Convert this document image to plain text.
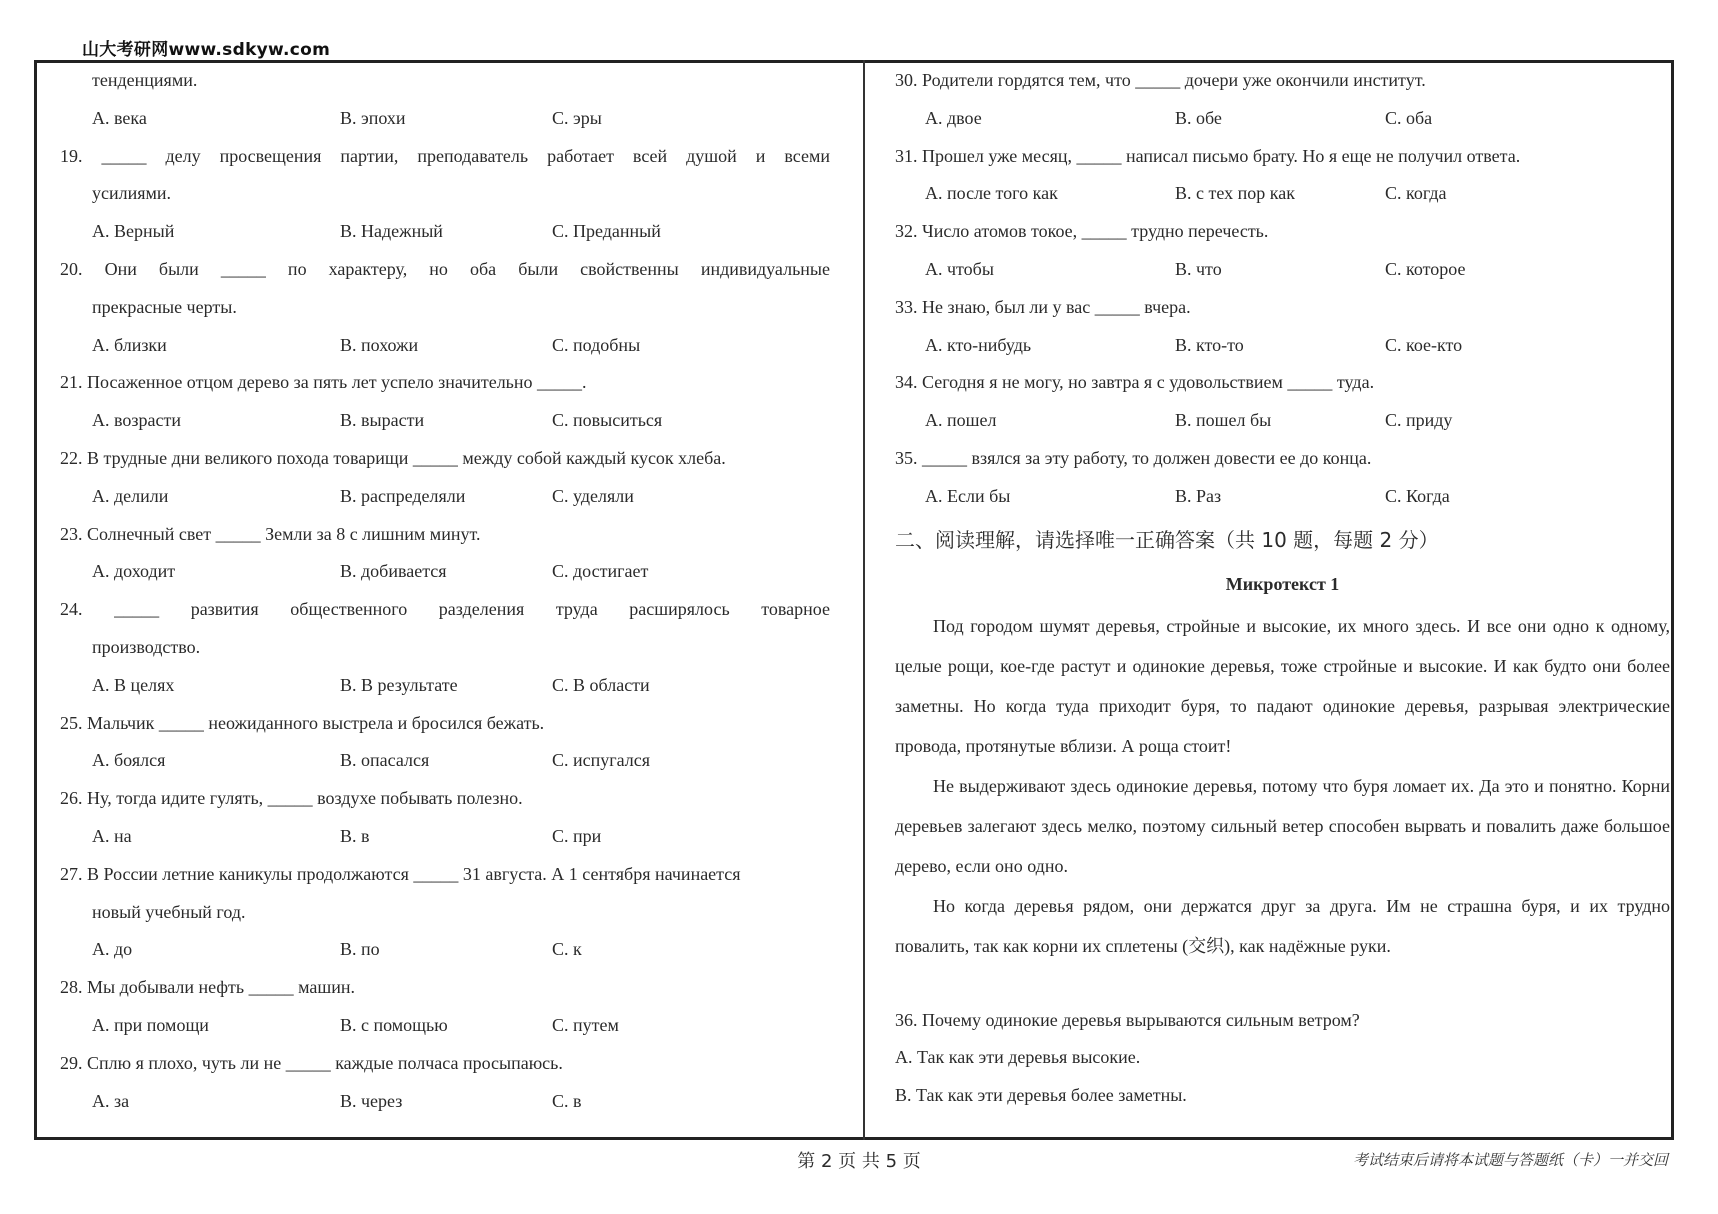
山大考研网www.sdkyw.com
тенденциями.
A. века	B. эпохи	C. эры
19. _____ делу просвещения партии, преподаватель работает всей душой и всеми
усилиями.
A. Верный	B. Надежный	C. Преданный
20. Они были _____ по характеру, но оба были свойственны индивидуальные
прекрасные черты.
A. близки	B. похожи	C. подобны
21. Посаженное отцом дерево за пять лет успело значительно _____.
A. возрасти	B. вырасти	C. повыситься
22. В трудные дни великого похода товарищи _____ между собой каждый кусок хлеба.
A. делили	B. распределяли	C. уделяли
23. Солнечный свет _____ Земли за 8 с лишним минут.
A. доходит	B. добивается	C. достигает
24. _____ развития общественного разделения труда расширялось товарное
производство.
A. В целях	B. В результате	C. В области
25. Мальчик _____ неожиданного выстрела и бросился бежать.
A. боялся	B. опасался	C. испугался
26. Ну, тогда идите гулять, _____ воздухе побывать полезно.
A. на	B. в	C. при
27. В России летние каникулы продолжаются _____ 31 августа. А 1 сентября начинается
новый учебный год.
A. до	B. по	C. к
28. Мы добывали нефть _____ машин.
A. при помощи	B. с помощью	C. путем
29. Сплю я плохо, чуть ли не _____ каждые полчаса просыпаюсь.
A. за	B. через	C. в
30. Родители гордятся тем, что _____ дочери уже окончили институт.
A. двое	B. обе	C. оба
31. Прошел уже месяц, _____ написал письмо брату. Но я еще не получил ответа.
A. после того как	B. с тех пор как	C. когда
32. Число атомов токое, _____ трудно перечесть.
A. чтобы	B. что	C. которое
33. Не знаю, был ли у вас _____ вчера.
A. кто-нибудь	B. кто-то	C. кое-кто
34. Сегодня я не могу, но завтра я с удовольствием _____ туда.
A. пошел	B. пошел бы	C. приду
35. _____ взялся за эту работу, то должен довести ее до конца.
A. Если бы	B. Раз	C. Когда
二、阅读理解，请选择唯一正确答案（共 10 题，每题 2 分）
Микротекст 1

Под городом шумят деревья, стройные и высокие, их много здесь. И все они одно к одному, целые рощи, кое-где растут и одинокие деревья, тоже стройные и высокие. И как будто они более заметны. Но когда туда приходит буря, то падают одинокие деревья, разрывая электрические провода, протянутые вблизи. А роща стоит!

Не выдерживают здесь одинокие деревья, потому что буря ломает их. Да это и понятно. Корни деревьев залегают здесь мелко, поэтому сильный ветер способен вырвать и повалить даже большое дерево, если оно одно.

Но когда деревья рядом, они держатся друг за друга. Им не страшна буря, и их трудно повалить, так как корни их сплетены (交织), как надёжные руки.

36. Почему одинокие деревья вырываются сильным ветром?
A. Так как эти деревья высокие.
B. Так как эти деревья более заметны.
第 2 页 共 5 页	考试结束后请将本试题与答题纸（卡）一并交回
